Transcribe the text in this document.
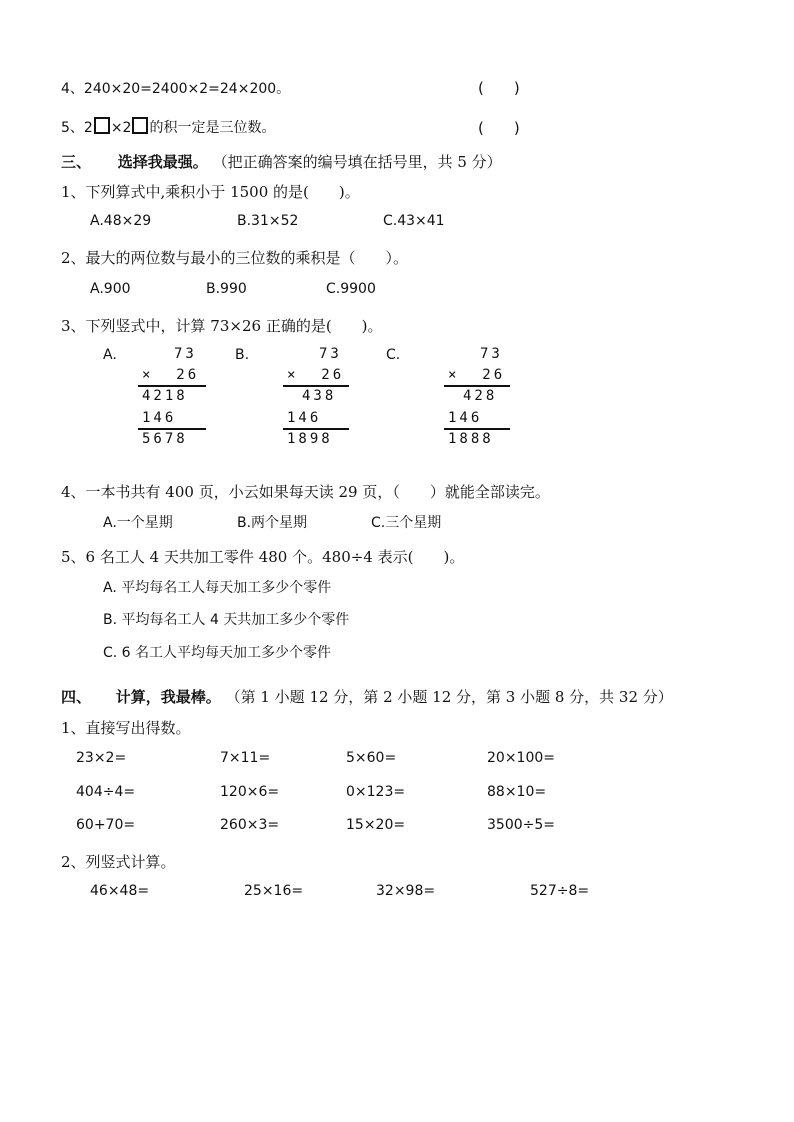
4、240×20=2400×2=24×200。	(　　)
5、2 ×2 的积一定是三位数。	(　　)
三、 选择我最强。 （把正确答案的编号填在括号里，共 5 分）
1、下列算式中,乘积小于 1500 的是(　　)。
A.48×29	B.31×52	C.43×41
2、最大的两位数与最小的三位数的乘积是（　　）。
A.900	B.990	C.9900
3、下列竖式中，计算 73×26 正确的是(　　)。
A.	73
×  26
4218
146
5678
B.	73
×  26
438
146
1898
C.	73
×  26
428
146
1888
4、一本书共有 400 页，小云如果每天读 29 页，（　　）就能全部读完。
A.一个星期	B.两个星期	C.三个星期
5、6 名工人 4 天共加工零件 480 个。480÷4 表示(　　)。
A. 平均每名工人每天加工多少个零件
B. 平均每名工人 4 天共加工多少个零件
C. 6 名工人平均每天加工多少个零件
四、 计算，我最棒。 （第 1 小题 12 分，第 2 小题 12 分，第 3 小题 8 分，共 32 分）
1、直接写出得数。
23×2=	7×11=	5×60=	20×100=
404÷4=	120×6=	0×123=	88×10=
60+70=	260×3=	15×20=	3500÷5=
2、列竖式计算。
46×48=	25×16=	32×98=	527÷8=
